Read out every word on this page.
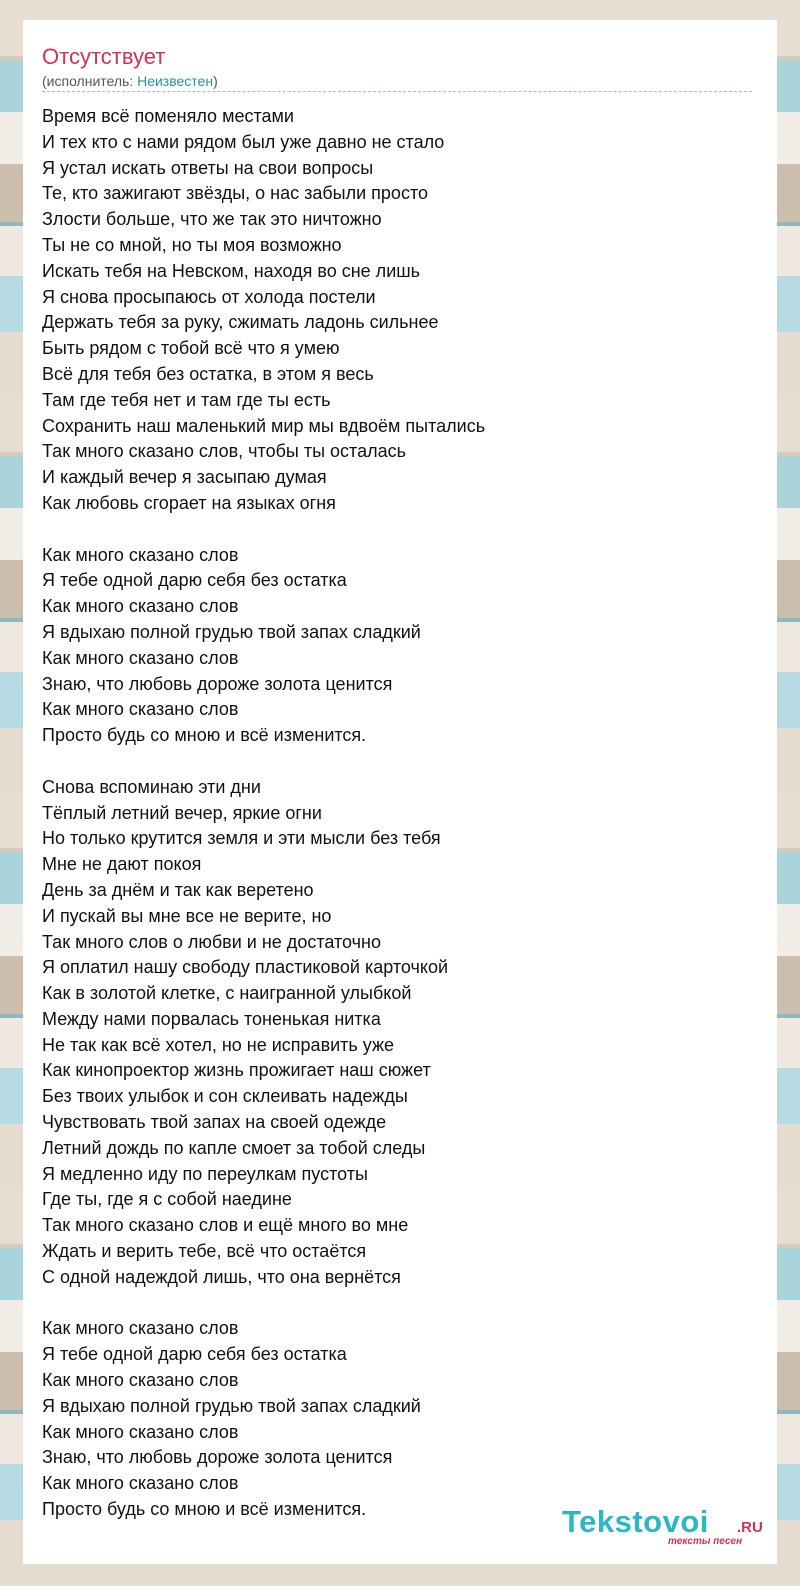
Отсутствует
(исполнитель: Неизвестен)
Время всё поменяло местами
И тех кто с нами рядом был уже давно не стало
Я устал искать ответы на свои вопросы
Те, кто зажигают звёзды, о нас забыли просто
Злости больше, что же так это ничтожно
Ты не со мной, но ты моя возможно
Искать тебя на Невском, находя во сне лишь
Я снова просыпаюсь от холода постели
Держать тебя за руку, сжимать ладонь сильнее
Быть рядом с тобой всё что я умею
Всё для тебя без остатка, в этом я весь
Там где тебя нет и там где ты есть
Сохранить наш маленький мир мы вдвоём пытались
Так много сказано слов, чтобы ты осталась
И каждый вечер я засыпаю думая
Как любовь сгорает на языках огня
Как много сказано слов
Я тебе одной дарю себя без остатка
Как много сказано слов
Я вдыхаю полной грудью твой запах сладкий
Как много сказано слов
Знаю, что любовь дороже золота ценится
Как много сказано слов
Просто будь со мною и всё изменится.
Снова вспоминаю эти дни
Тёплый летний вечер, яркие огни
Но только крутится земля и эти мысли без тебя
Мне не дают покоя
День за днём и так как веретено
И пускай вы мне все не верите, но
Так много слов о любви и не достаточно
Я оплатил нашу свободу пластиковой карточкой
Как в золотой клетке, с наигранной улыбкой
Между нами порвалась тоненькая нитка
Не так как всё хотел, но не исправить уже
Как кинопроектор жизнь прожигает наш сюжет
Без твоих улыбок и сон склеивать надежды
Чувствовать твой запах на своей одежде
Летний дождь по капле смоет за тобой следы
Я медленно иду по переулкам пустоты
Где ты, где я с собой наедине
Так много сказано слов и ещё много во мне
Ждать и верить тебе, всё что остаётся
С одной надеждой лишь, что она вернётся
Как много сказано слов
Я тебе одной дарю себя без остатка
Как много сказано слов
Я вдыхаю полной грудью твой запах сладкий
Как много сказано слов
Знаю, что любовь дороже золота ценится
Как много сказано слов
Просто будь со мною и всё изменится.	Tekstovoi .RU
тексты песен
